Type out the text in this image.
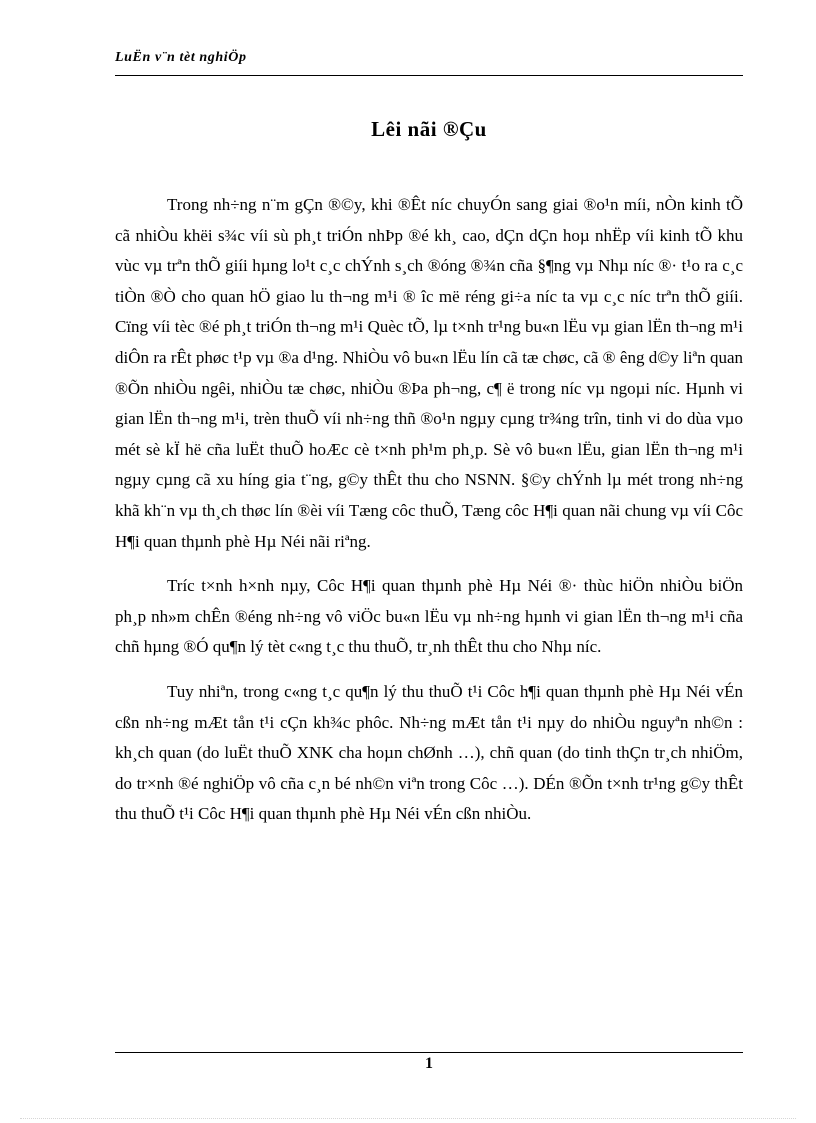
LuËn v¨n tèt nghiÖp
Lêi nãi ®Çu

Trong nh÷ng n¨m gÇn ®©y, khi ®Êt níc chuyÓn sang giai ®o¹n míi, nÒn kinh tÕ cã nhiÒu khëi s¾c víi sù ph¸t triÓn nhÞp ®é kh¸ cao, dÇn dÇn hoµ nhËp víi kinh tÕ khu vùc vµ trªn thÕ giíi hµng lo¹t c¸c chÝnh s¸ch ®óng ®¾n cña §¶ng vµ Nhµ níc ®· t¹o ra c¸c tiÒn ®Ò cho quan hÖ giao lu th¬ng m¹i ® îc më réng gi÷a níc ta vµ c¸c níc trªn thÕ giíi. Cïng víi tèc ®é ph¸t triÓn th¬ng m¹i Quèc tÕ, lµ t×nh tr¹ng bu«n lËu vµ gian lËn th¬ng m¹i diÔn ra rÊt phøc t¹p vµ ®a d¹ng. NhiÒu vô bu«n lËu lín cã tæ chøc, cã ® êng d©y liªn quan ®Õn nhiÒu ngêi, nhiÒu tæ chøc, nhiÒu ®Þa ph¬ng, c¶ ë trong níc vµ ngoµi níc. Hµnh vi gian lËn th¬ng m¹i, trèn thuÕ víi nh÷ng thñ ®o¹n ngµy cµng tr¾ng trîn, tinh vi do dùa vµo mét sè kÏ hë cña luËt thuÕ hoÆc cè t×nh ph¹m ph¸p. Sè vô bu«n lËu, gian lËn th¬ng m¹i ngµy cµng cã xu híng gia t¨ng, g©y thÊt thu cho NSNN. §©y chÝnh lµ mét trong nh÷ng khã kh¨n vµ th¸ch thøc lín ®èi víi Tæng côc thuÕ, Tæng côc H¶i quan nãi chung vµ víi Côc H¶i quan thµnh phè Hµ Néi nãi riªng.

Tríc t×nh h×nh nµy, Côc H¶i quan thµnh phè Hµ Néi ®· thùc hiÖn nhiÒu biÖn ph¸p nh»m chÊn ®éng nh÷ng vô viÖc bu«n lËu vµ nh÷ng hµnh vi gian lËn th¬ng m¹i cña chñ hµng ®Ó qu¶n lý tèt c«ng t¸c thu thuÕ, tr¸nh thÊt thu cho Nhµ níc.

Tuy nhiªn, trong c«ng t¸c qu¶n lý thu thuÕ t¹i Côc h¶i quan thµnh phè Hµ Néi vÉn cßn nh÷ng mÆt tån t¹i cÇn kh¾c phôc. Nh÷ng mÆt tån t¹i nµy do nhiÒu nguyªn nh©n : kh¸ch quan (do luËt thuÕ XNK cha hoµn chØnh …), chñ quan (do tinh thÇn tr¸ch nhiÖm, do tr×nh ®é nghiÖp vô cña c¸n bé nh©n viªn trong Côc …). DÉn ®Õn t×nh tr¹ng g©y thÊt thu thuÕ t¹i Côc H¶i quan thµnh phè Hµ Néi vÉn cßn nhiÒu.

1
